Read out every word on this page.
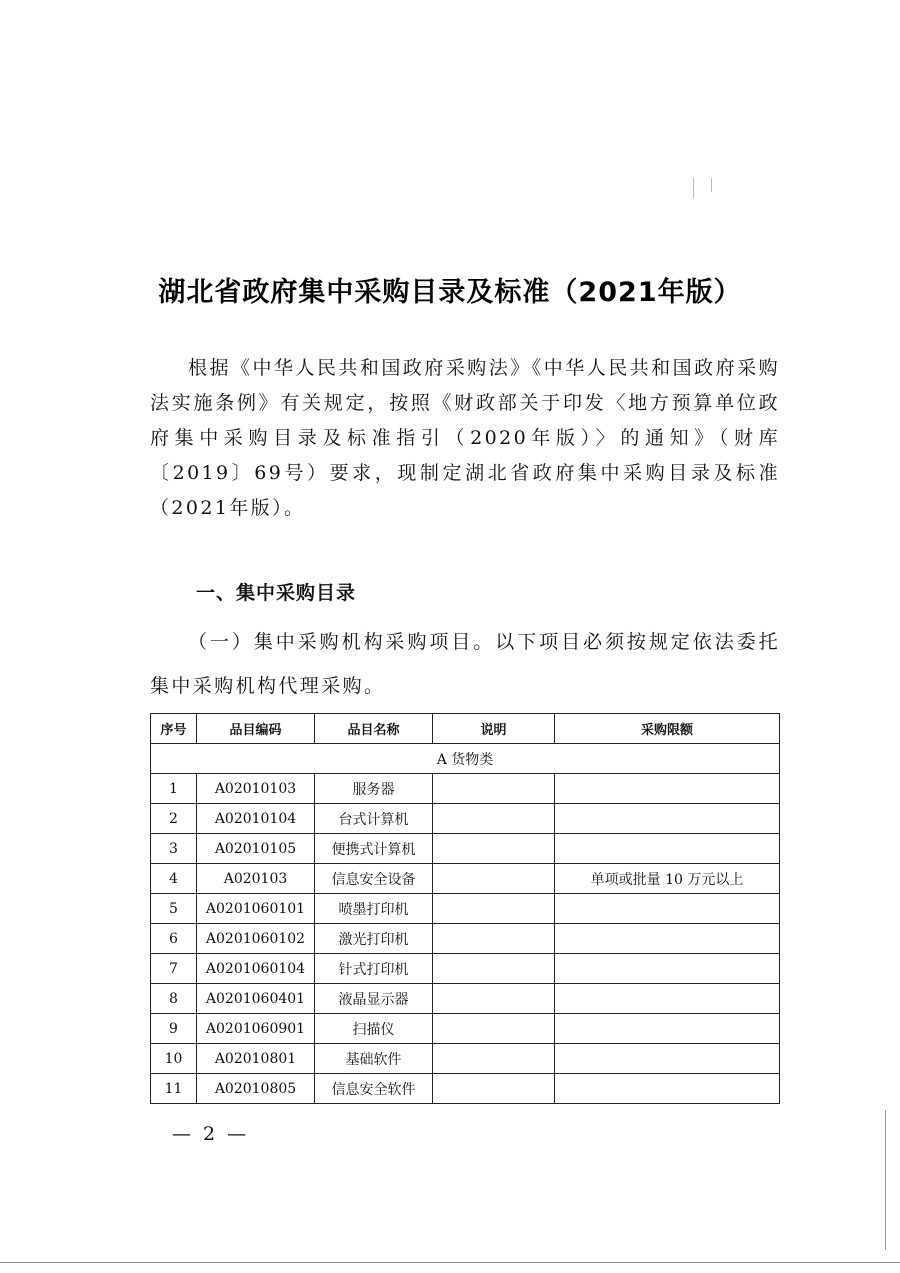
湖北省政府集中采购目录及标准（2021年版）
根据《中华人民共和国政府采购法》《中华人民共和国政府采购法实施条例》有关规定，按照《财政部关于印发〈地方预算单位政府集中采购目录及标准指引（2020年版）〉的通知》（财库〔2019〕69号）要求，现制定湖北省政府集中采购目录及标准（2021年版）。
一、集中采购目录
（一）集中采购机构采购项目。以下项目必须按规定依法委托集中采购机构代理采购。
序号	品目编码	品目名称	说明	采购限额
A 货物类				
1	A02010103	服务器		
2	A02010104	台式计算机		
3	A02010105	便携式计算机		
4	A020103	信息安全设备		单项或批量 10 万元以上
5	A0201060101	喷墨打印机		
6	A0201060102	激光打印机		
7	A0201060104	针式打印机		
8	A0201060401	液晶显示器		
9	A0201060901	扫描仪		
10	A02010801	基础软件		
11	A02010805	信息安全软件		
— 2 —
